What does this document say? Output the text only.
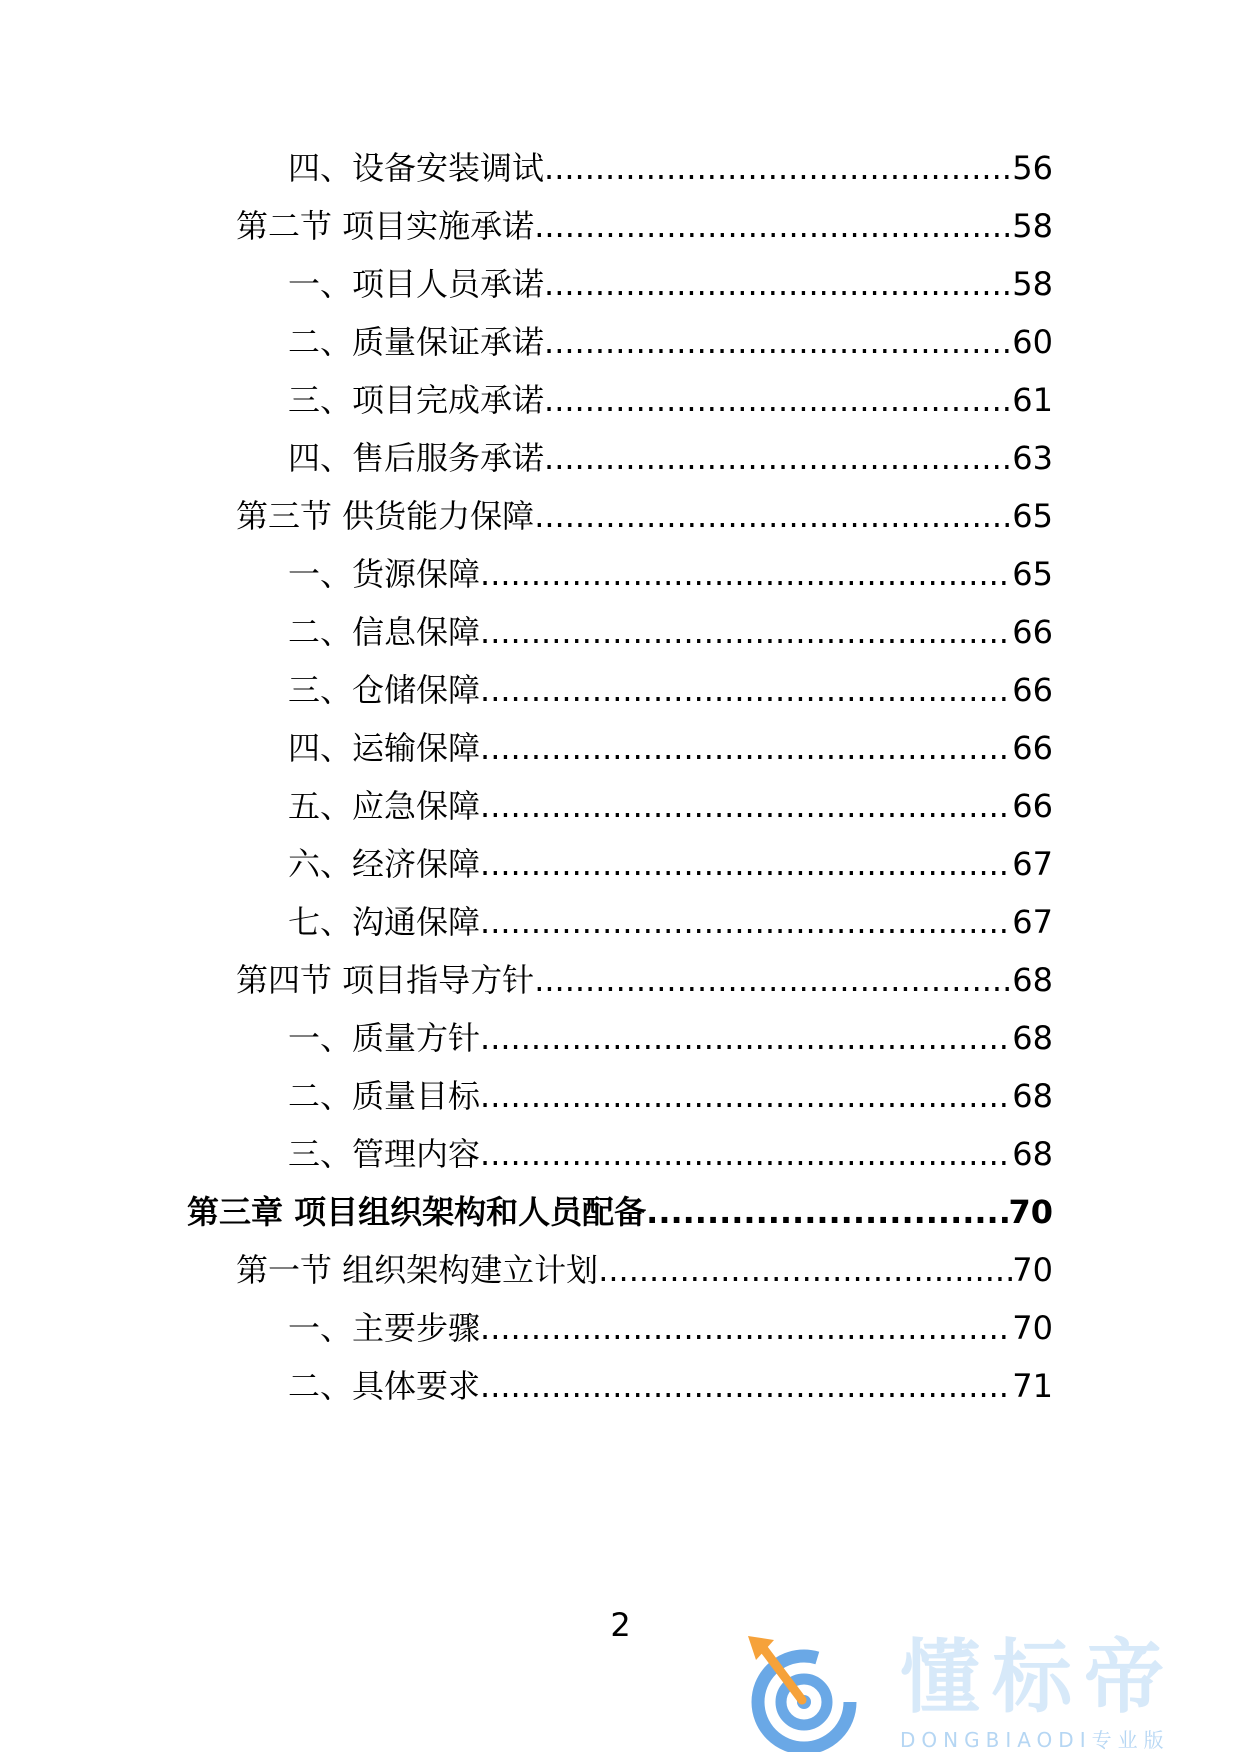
四、设备安装调试 .....	56
第二节 项目实施承诺 .....	58
一、项目人员承诺 .....	58
二、质量保证承诺 .....	60
三、项目完成承诺 .....	61
四、售后服务承诺 .....	63
第三节 供货能力保障 .....	65
一、货源保障 .....	65
二、信息保障 .....	66
三、仓储保障 .....	66
四、运输保障 .....	66
五、应急保障 .....	66
六、经济保障 .....	67
七、沟通保障 .....	67
第四节 项目指导方针 .....	68
一、质量方针 .....	68
二、质量目标 .....	68
三、管理内容 .....	68
第三章 项目组织架构和人员配备 .....	70
第一节 组织架构建立计划 .....	70
一、主要步骤 .....	70
二、具体要求 .....	71
2
懂标帝
DONGBIAODI专业版
